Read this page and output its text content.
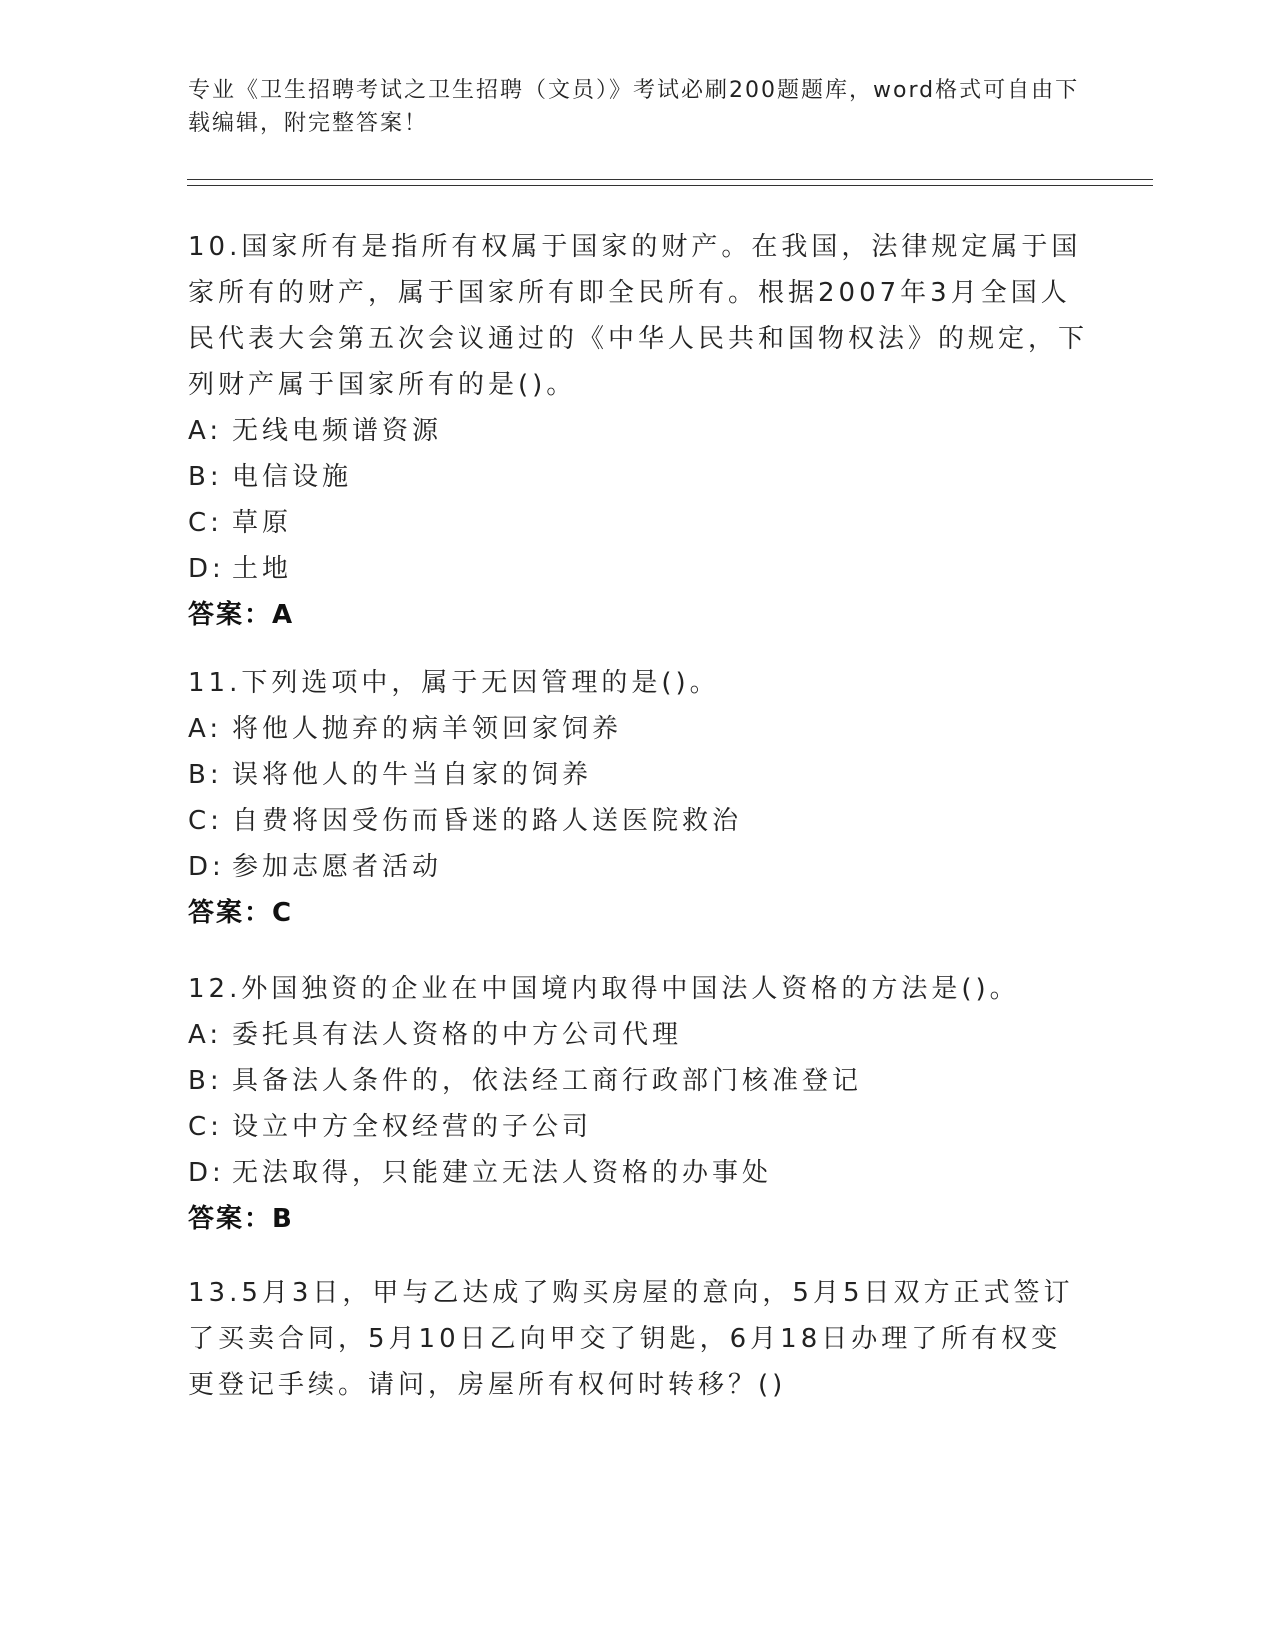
专业《卫生招聘考试之卫生招聘（文员）》考试必刷200题题库，word格式可自由下载编辑，附完整答案！
10.国家所有是指所有权属于国家的财产。在我国，法律规定属于国家所有的财产，属于国家所有即全民所有。根据2007年3月全国人民代表大会第五次会议通过的《中华人民共和国物权法》的规定，下列财产属于国家所有的是()。
A: 无线电频谱资源
B: 电信设施
C: 草原
D: 土地
答案：A
11.下列选项中，属于无因管理的是()。
A: 将他人抛弃的病羊领回家饲养
B: 误将他人的牛当自家的饲养
C: 自费将因受伤而昏迷的路人送医院救治
D: 参加志愿者活动
答案：C
12.外国独资的企业在中国境内取得中国法人资格的方法是()。
A: 委托具有法人资格的中方公司代理
B: 具备法人条件的，依法经工商行政部门核准登记
C: 设立中方全权经营的子公司
D: 无法取得，只能建立无法人资格的办事处
答案：B
13.5月3日，甲与乙达成了购买房屋的意向，5月5日双方正式签订了买卖合同，5月10日乙向甲交了钥匙，6月18日办理了所有权变更登记手续。请问，房屋所有权何时转移？()
